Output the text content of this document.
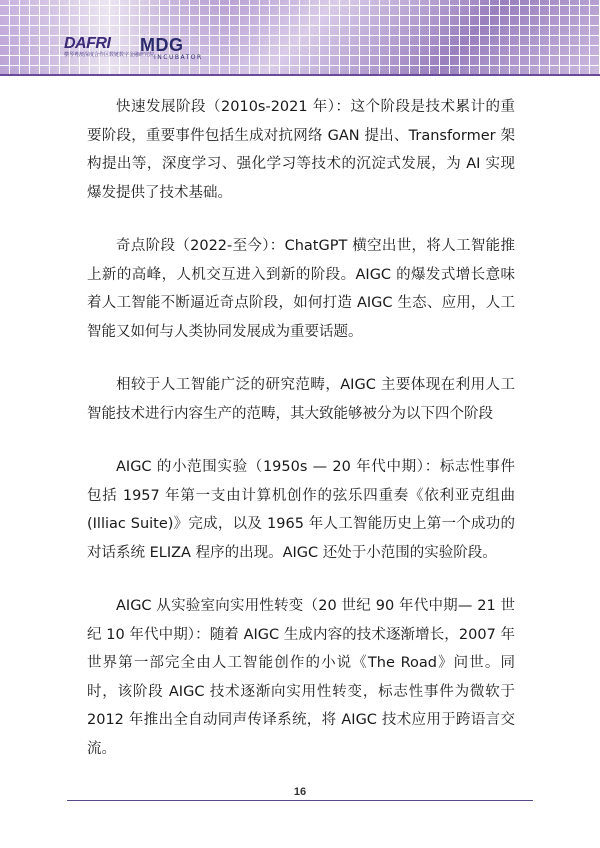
DAFRI
横琴粤澳深度合作区数链数字金融研究院
MDG
INCUBATOR

快速发展阶段（2010s-2021 年）：这个阶段是技术累计的重要阶段，重要事件包括生成对抗网络 GAN 提出、Transformer 架构提出等，深度学习、强化学习等技术的沉淀式发展，为 AI 实现爆发提供了技术基础。

奇点阶段（2022-至今）：ChatGPT 横空出世，将人工智能推上新的高峰，人机交互进入到新的阶段。AIGC 的爆发式增长意味着人工智能不断逼近奇点阶段，如何打造 AIGC 生态、应用，人工智能又如何与人类协同发展成为重要话题。

相较于人工智能广泛的研究范畴，AIGC 主要体现在利用人工智能技术进行内容生产的范畴，其大致能够被分为以下四个阶段

AIGC 的小范围实验（1950s — 20 年代中期）：标志性事件包括 1957 年第一支由计算机创作的弦乐四重奏《依利亚克组曲(Illiac Suite)》完成，以及 1965 年人工智能历史上第一个成功的对话系统 ELIZA 程序的出现。AIGC 还处于小范围的实验阶段。

AIGC 从实验室向实用性转变（20 世纪 90 年代中期— 21 世纪 10 年代中期）：随着 AIGC 生成内容的技术逐渐增长，2007 年世界第一部完全由人工智能创作的小说《The Road》问世。同时，该阶段 AIGC 技术逐渐向实用性转变，标志性事件为微软于 2012 年推出全自动同声传译系统，将 AIGC 技术应用于跨语言交流。

16
